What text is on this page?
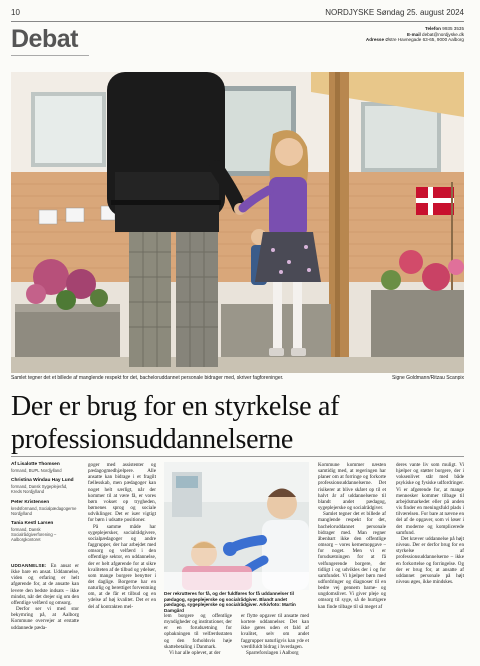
10	NORDJYSKE Søndag 25. august 2024
Debat	Telefon 9935 3535
E-mail debat@nordjyske.dk
Adresse Østre Havnegade 63-65, 9000 Aalborg
Samlet tegner det et billede af manglende respekt for det, bacheloruddannet personale bidrager med, skriver fagforeninger.	Signe Goldmann/Ritzau Scanpix
Der er brug for en styrkelse af
professionsuddannelserne
Af Lisalotte Thomsen
formand, BUPL Nordjylland
Christina Windau Hay Lund
formand, Dansk Sygeplejeråd, Kreds Nordjylland
Peter Kristensen
kredsformand, Socialpædagogerne Nordjylland
Tania Kestl Larsen
formand, Dansk Socialrådgiverforening – Aalborgkontoret

UDDANNELSE: En ansat er ikke bare en ansat. Uddannelse, viden og erfaring er helt afgørende for, at de ansatte kan levere den bedste indsats – ikke mindst, når det drejer sig om den offentlige velfærd og omsorg.

Derfor ser vi med stor bekymring på, at Aalborg Kommune overvejer at erstatte uddannede pæda-

goger med assistenter og pædagogmedhjælpere. Alle ansatte kan bidrage i et fragilt fællesskab, men pædagoger kan noget helt særligt, når der kommer til at være få, er vores børn vokset op trygheden, børnenes sprog og sociale udviklinger. Det er især vigtigt for børn i udsatte positioner.

På samme måde har sygeplejersker, socialrådgivere, socialpædagoger og andre faggrupper, der har arbejdet med omsorg og velfærd i den offentlige sektor, en uddannelse, der er helt afgørende for at sikre kvaliteten af de tilbud og ydelser, som mange borgere benytter i det daglige. Borgerne har en naturlig og berettiget forventning om, at de får et tilbud og en ydelse af høj kvalitet. Det er en del af kontrakten mel-

Der rekrutteres for få, og der fuldføres for få uddannelser til pædagog, sygeplejerske og socialrådgiver. Blandt andet pædagog, sygeplejerske og socialrådgiver. Arkivfoto: Martin Damgård

lem borgere og offentlige myndigheder og institutioner, der er en forudsætning for opbakningen til velfærdsstaten og den forholdsvis høje skattebetaling i Danmark.

Vi har alle oplevet, at der

er flytte opgaver til ansatte med kortere uddannelser. Det kan ikke gøres uden et fald af kvalitet, selv om andet faggrupper naturligvis kan yde et værdifuldt bidrag i hverdagen.

Sparreforslagen i Aalborg

Kommune kommer næsten samtidig med, at regeringen har planer om at forringe og forkorte professionsuddannelserne. Det risikerer at blive skåret op til et halvt år af uddannelserne til blandt andet pædagog, sygeplejerske og socialrådgiver.

Samlet tegner det et billede af manglende respekt for det, bacheloruddannet personale bidrager med. Man regner åbenbart ikke den offentlige omsorg – vores kernemopgave – for noget. Men vi er forudsætningen for at få velfungerende borgere, der tidligt i og udvikles der i og for samfundet. Vi hjælper børn med udfordringer og diagnoser til en bedre vej gennem barne- og ungdomslivet. Vi giver pleje og omsorg til syge, så de hurtigere kan finde tilbage til så meget af

deres vante liv som muligt. Vi hjælper og støtter borgere, der i voksenlivet står med både psykiske og fysiske udfordringer. Vi er afgørende for, at mange mennesker kommer tilbage til arbejdsmarkedet eller på anden vis finder en meningsfuld plads i tilværelsen. For bare at nævne en del af de opgaver, som vi løser i det moderne og komplicerede samfund.

Det kræver uddannelse på højt niveau. Der er derfor brug for en styrkelse af professionsuddannelserne – ikke en forkortelse og forringelse. Og der er brug for, at ansatte af uddannet personale på højt niveau øges, ikke mindskes.
